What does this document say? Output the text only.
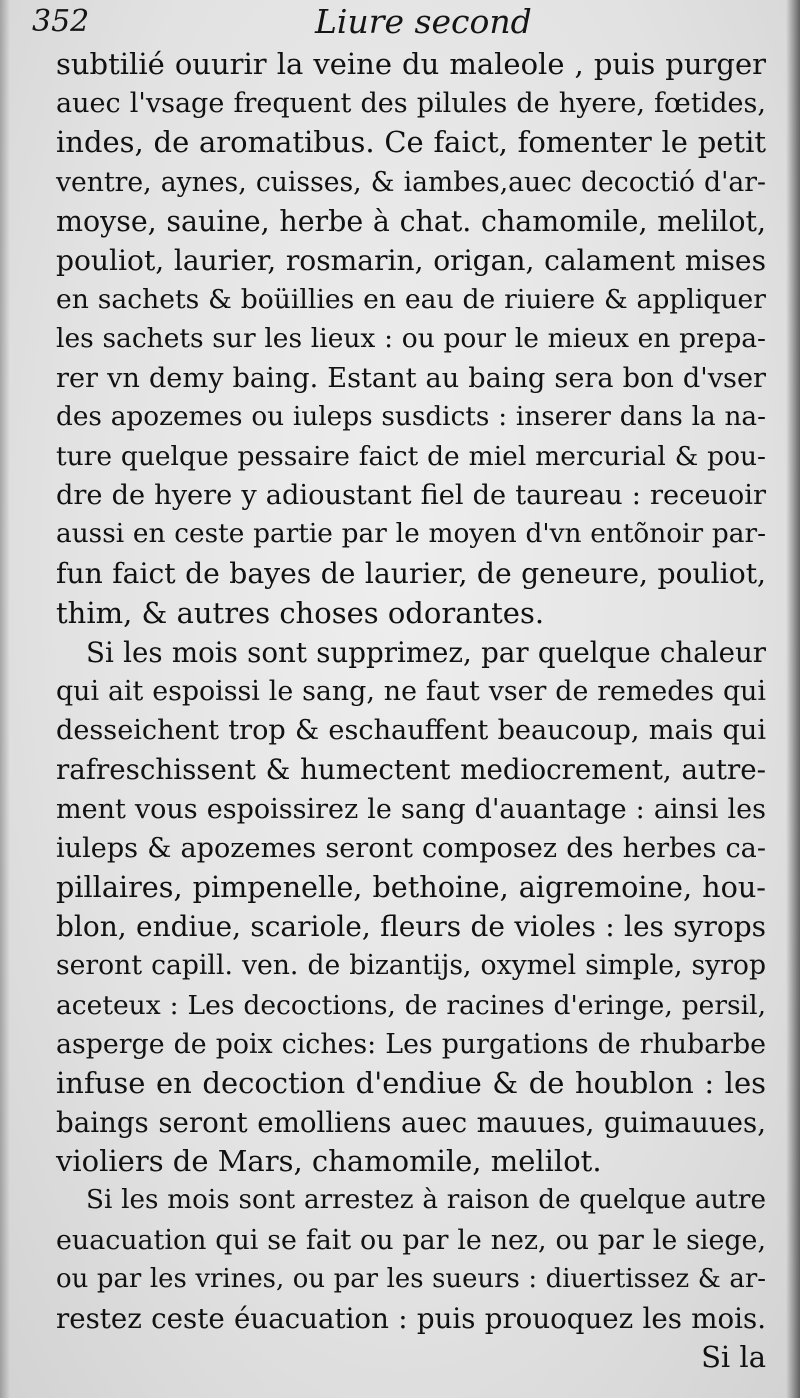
352	Liure second
subtilié ouurir la veine du maleole , puis purger
auec l'vsage frequent des pilules de hyere, fœtides,
indes, de aromatibus. Ce faict, fomenter le petit
ventre, aynes, cuisses, & iambes,auec decoctió d'ar-
moyse, sauine, herbe à chat. chamomile, melilot,
pouliot, laurier, rosmarin, origan, calament mises
en sachets & boüillies en eau de riuiere & appliquer
les sachets sur les lieux : ou pour le mieux en prepa-
rer vn demy baing. Estant au baing sera bon d'vser
des apozemes ou iuleps susdicts : inserer dans la na-
ture quelque pessaire faict de miel mercurial & pou-
dre de hyere y adioustant fiel de taureau : receuoir
aussi en ceste partie par le moyen d'vn entõnoir par-
fun faict de bayes de laurier, de geneure, pouliot,
thim, & autres choses odorantes.
Si les mois sont supprimez, par quelque chaleur
qui ait espoissi le sang, ne faut vser de remedes qui
desseichent trop & eschauffent beaucoup, mais qui
rafreschissent & humectent mediocrement, autre-
ment vous espoissirez le sang d'auantage : ainsi les
iuleps & apozemes seront composez des herbes ca-
pillaires, pimpenelle, bethoine, aigremoine, hou-
blon, endiue, scariole, fleurs de violes : les syrops
seront capill. ven. de bizantijs, oxymel simple, syrop
aceteux : Les decoctions, de racines d'eringe, persil,
asperge de poix ciches: Les purgations de rhubarbe
infuse en decoction d'endiue & de houblon : les
baings seront emolliens auec mauues, guimauues,
violiers de Mars, chamomile, melilot.
Si les mois sont arrestez à raison de quelque autre
euacuation qui se fait ou par le nez, ou par le siege,
ou par les vrines, ou par les sueurs : diuertissez & ar-
restez ceste éuacuation : puis prouoquez les mois.
Si la
